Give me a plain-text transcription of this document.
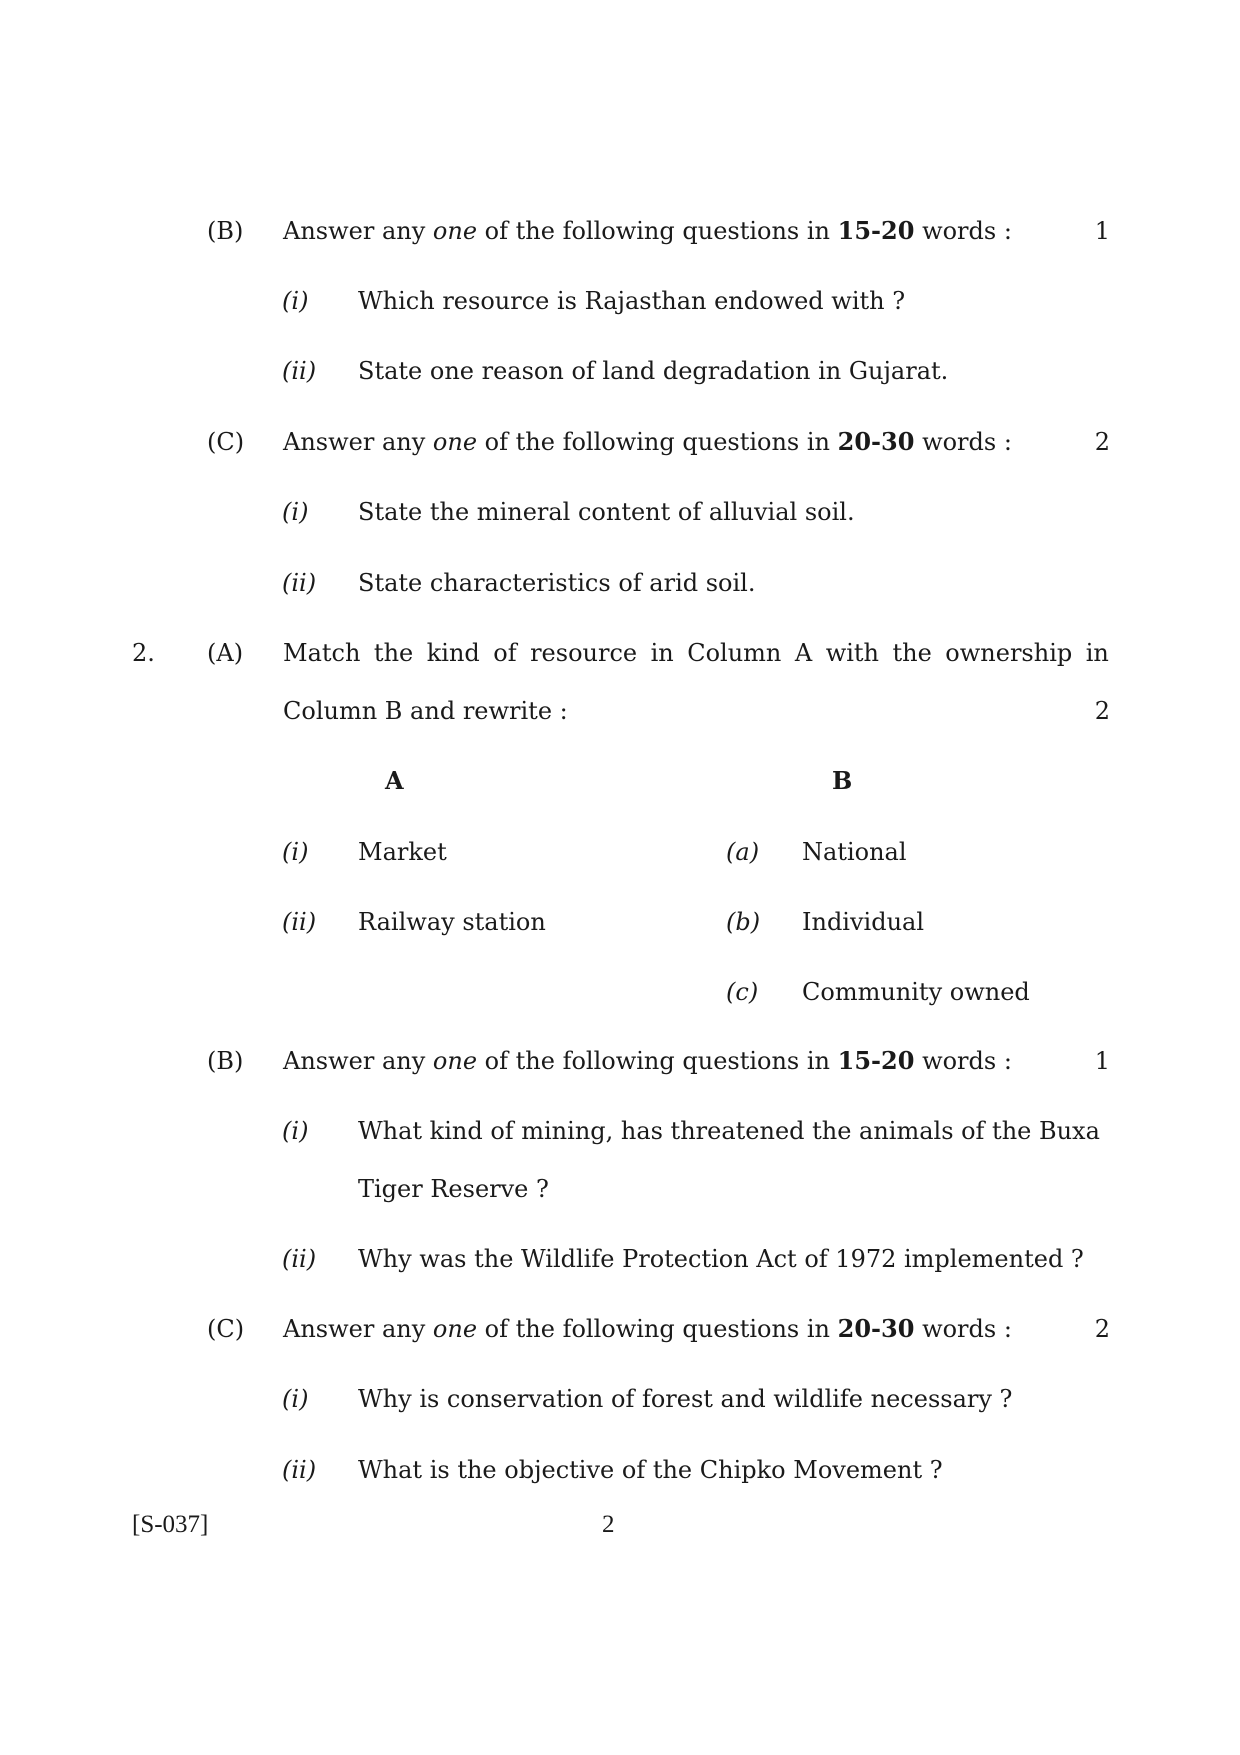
(B) Answer any one of the following questions in 15-20 words :	1
(i) Which resource is Rajasthan endowed with ?
(ii) State one reason of land degradation in Gujarat.
(C) Answer any one of the following questions in 20-30 words :	2
(i) State the mineral content of alluvial soil.
(ii) State characteristics of arid soil.
2. (A) Match the kind of resource in Column A with the ownership in
Column B and rewrite :	2
A	B
(i) Market	(a) National
(ii) Railway station	(b) Individual
(c) Community owned
(B) Answer any one of the following questions in 15-20 words :	1
(i) What kind of mining, has threatened the animals of the Buxa
Tiger Reserve ?
(ii) Why was the Wildlife Protection Act of 1972 implemented ?
(C) Answer any one of the following questions in 20-30 words :	2
(i) Why is conservation of forest and wildlife necessary ?
(ii) What is the objective of the Chipko Movement ?
[S-037]	2
